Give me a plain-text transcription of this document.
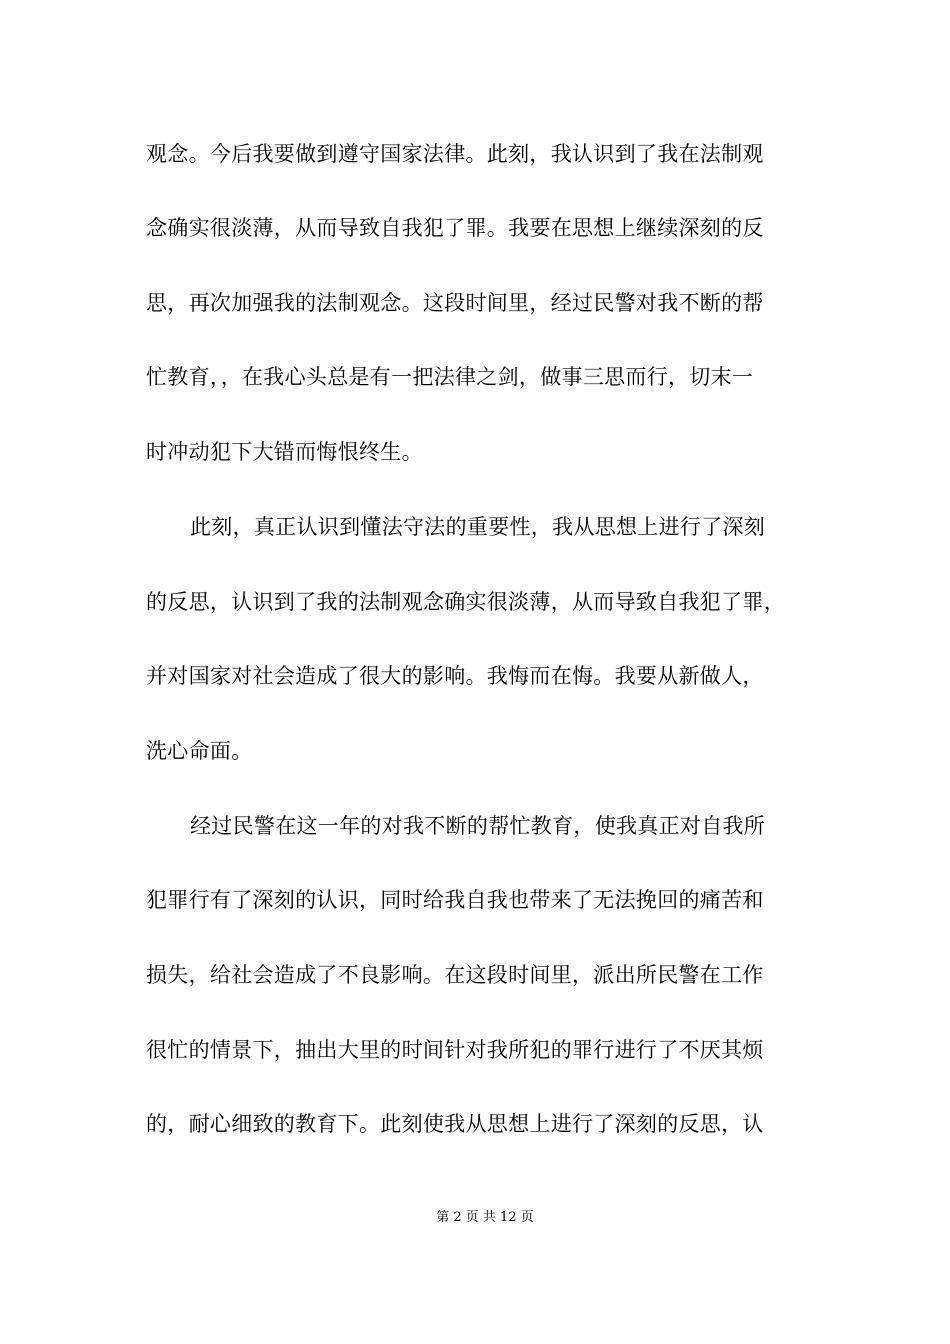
观念。今后我要做到遵守国家法律。此刻，我认识到了我在法制观
念确实很淡薄，从而导致自我犯了罪。我要在思想上继续深刻的反
思，再次加强我的法制观念。这段时间里，经过民警对我不断的帮
忙教育，，在我心头总是有一把法律之剑，做事三思而行，切末一
时冲动犯下大错而悔恨终生。
此刻，真正认识到懂法守法的重要性，我从思想上进行了深刻
的反思，认识到了我的法制观念确实很淡薄，从而导致自我犯了罪，
并对国家对社会造成了很大的影响。我悔而在悔。我要从新做人，
洗心命面。
经过民警在这一年的对我不断的帮忙教育，使我真正对自我所
犯罪行有了深刻的认识，同时给我自我也带来了无法挽回的痛苦和
损失，给社会造成了不良影响。在这段时间里，派出所民警在工作
很忙的情景下，抽出大里的时间针对我所犯的罪行进行了不厌其烦
的，耐心细致的教育下。此刻使我从思想上进行了深刻的反思，认
第 2 页 共 12 页
